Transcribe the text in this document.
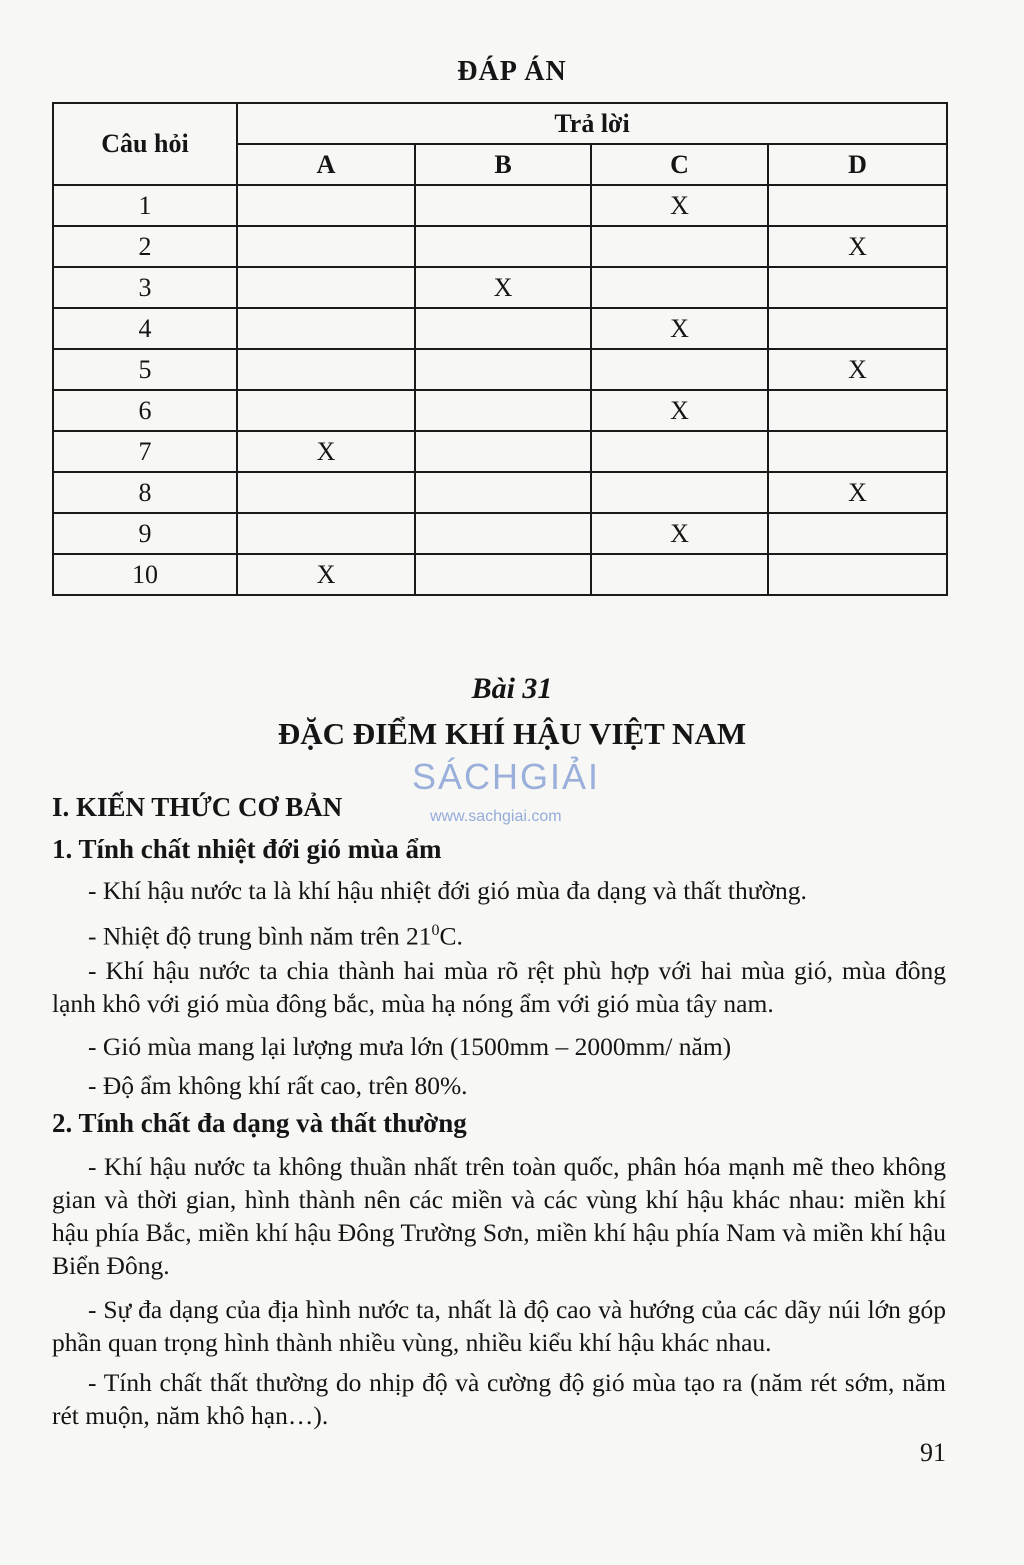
ĐÁP ÁN
Câu hỏi	Trả lời			
	A	B	C	D
1			X	
2				X
3		X		
4			X	
5				X
6			X	
7	X			
8				X
9			X	
10	X			
Bài 31
ĐẶC ĐIỂM KHÍ HẬU VIỆT NAM
SÁCHGIẢI
www.sachgiai.com
I. KIẾN THỨC CƠ BẢN
1. Tính chất nhiệt đới gió mùa ẩm
- Khí hậu nước ta là khí hậu nhiệt đới gió mùa đa dạng và thất thường.
- Nhiệt độ trung bình năm trên $21^0C$.
- Khí hậu nước ta chia thành hai mùa rõ rệt phù hợp với hai mùa gió, mùa đông lạnh khô với gió mùa đông bắc, mùa hạ nóng ẩm với gió mùa tây nam.
- Gió mùa mang lại lượng mưa lớn (1500mm – 2000mm/ năm)
- Độ ẩm không khí rất cao, trên 80%.
2. Tính chất đa dạng và thất thường
- Khí hậu nước ta không thuần nhất trên toàn quốc, phân hóa mạnh mẽ theo không gian và thời gian, hình thành nên các miền và các vùng khí hậu khác nhau: miền khí hậu phía Bắc, miền khí hậu Đông Trường Sơn, miền khí hậu phía Nam và miền khí hậu Biển Đông.
- Sự đa dạng của địa hình nước ta, nhất là độ cao và hướng của các dãy núi lớn góp phần quan trọng hình thành nhiều vùng, nhiều kiểu khí hậu khác nhau.
- Tính chất thất thường do nhịp độ và cường độ gió mùa tạo ra (năm rét sớm, năm rét muộn, năm khô hạn…).
91
